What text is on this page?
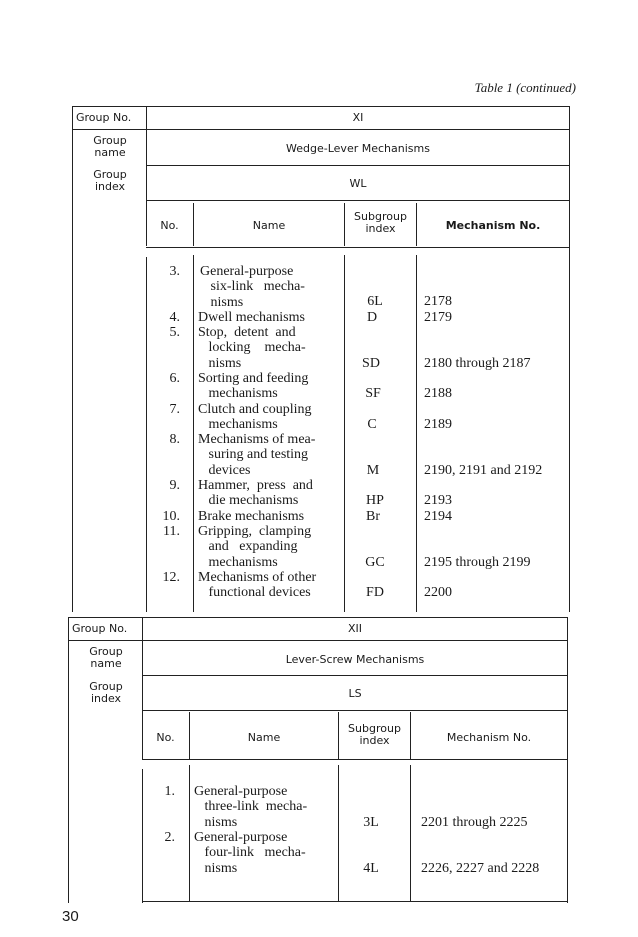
Table 1 (continued)
Group No.
Group
name
Group
index
XI
Wedge-Lever Mechanisms
WL
No.	Name
Subgroup
index	Mechanism No.
3. General-purpose
six-link   mecha-
nisms	6L	2178
4. Dwell mechanisms	D	2179
5. Stop,  detent  and
locking    mecha-
nisms	SD	2180 through 2187
6. Sorting and feeding
mechanisms	SF	2188
7. Clutch and coupling
mechanisms	C	2189
8. Mechanisms of mea-
suring and testing
devices	M	2190, 2191 and 2192
9. Hammer,  press  and
die mechanisms	HP	2193
10. Brake mechanisms	Br	2194
11. Gripping,  clamping
and   expanding
mechanisms	GC	2195 through 2199
12. Mechanisms of other
functional devices	FD	2200
Group No.
Group
name
Group
index
XII
Lever-Screw Mechanisms
LS
No.	Name
Subgroup
index	Mechanism No.
1. General-purpose
three-link  mecha-
nisms	3L	2201 through 2225
2. General-purpose
four-link   mecha-
nisms	4L	2226, 2227 and 2228
30
